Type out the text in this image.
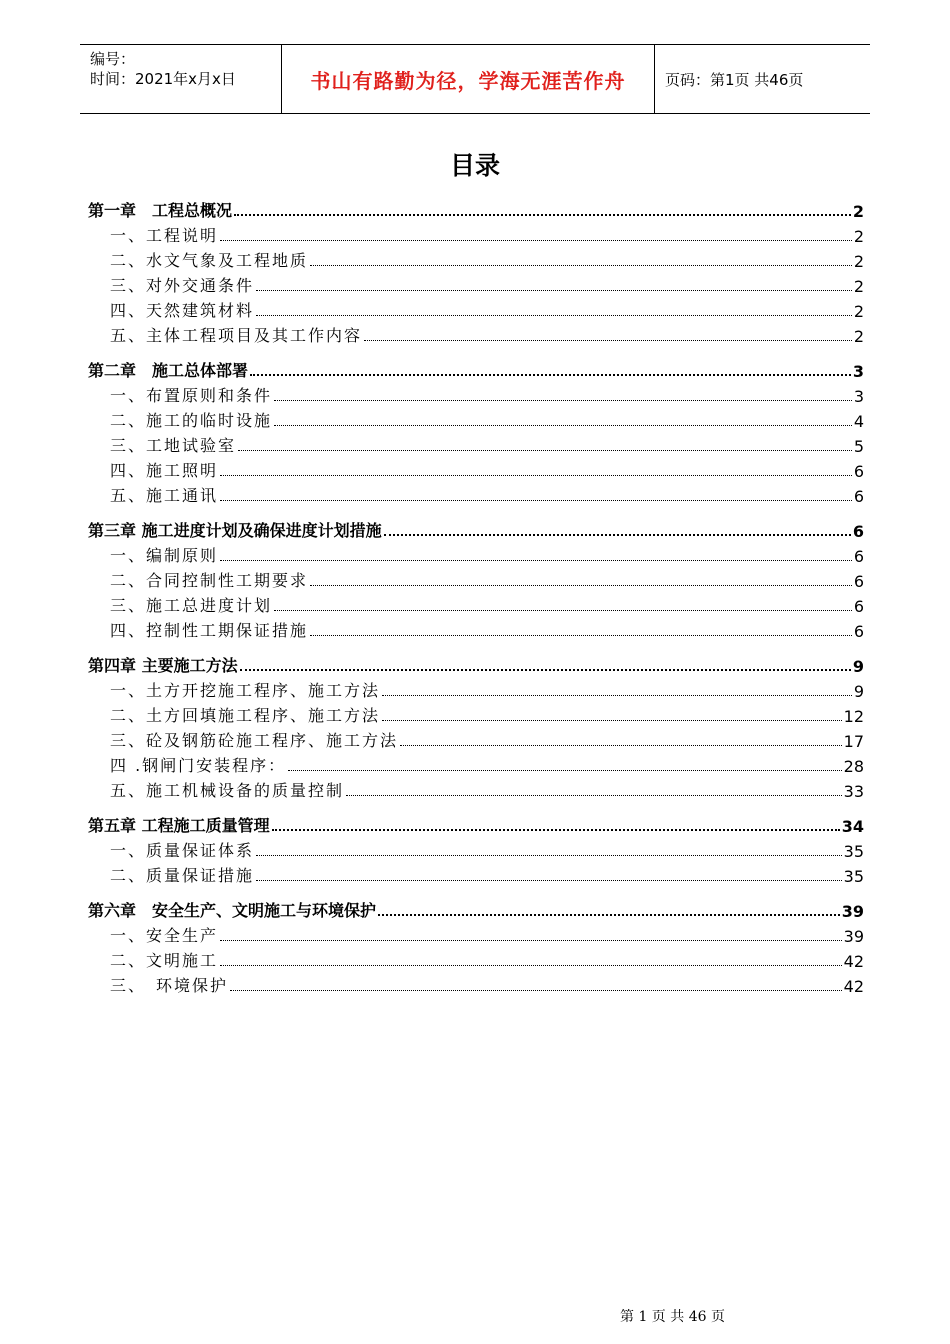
编号：
时间：2021年x月x日	书山有路勤为径，学海无涯苦作舟	页码：第1页 共46页
目录
第一章　工程总概况	2
一、工程说明	2
二、水文气象及工程地质	2
三、对外交通条件	2
四、天然建筑材料	2
五、主体工程项目及其工作内容	2
第二章　施工总体部署	3
一、布置原则和条件	3
二、施工的临时设施	4
三、工地试验室	5
四、施工照明	6
五、施工通讯	6
第三章 施工进度计划及确保进度计划措施	6
一、编制原则	6
二、合同控制性工期要求	6
三、施工总进度计划	6
四、控制性工期保证措施	6
第四章 主要施工方法	9
一、土方开挖施工程序、施工方法	9
二、土方回填施工程序、施工方法	12
三、砼及钢筋砼施工程序、施工方法	17
四 .钢闸门安装程序：	28
五、施工机械设备的质量控制	33
第五章 工程施工质量管理	34
一、质量保证体系	35
二、质量保证措施	35
第六章　安全生产、文明施工与环境保护	39
一、安全生产	39
二、文明施工	42
三、　环境保护	42
第 1 页 共 46 页
